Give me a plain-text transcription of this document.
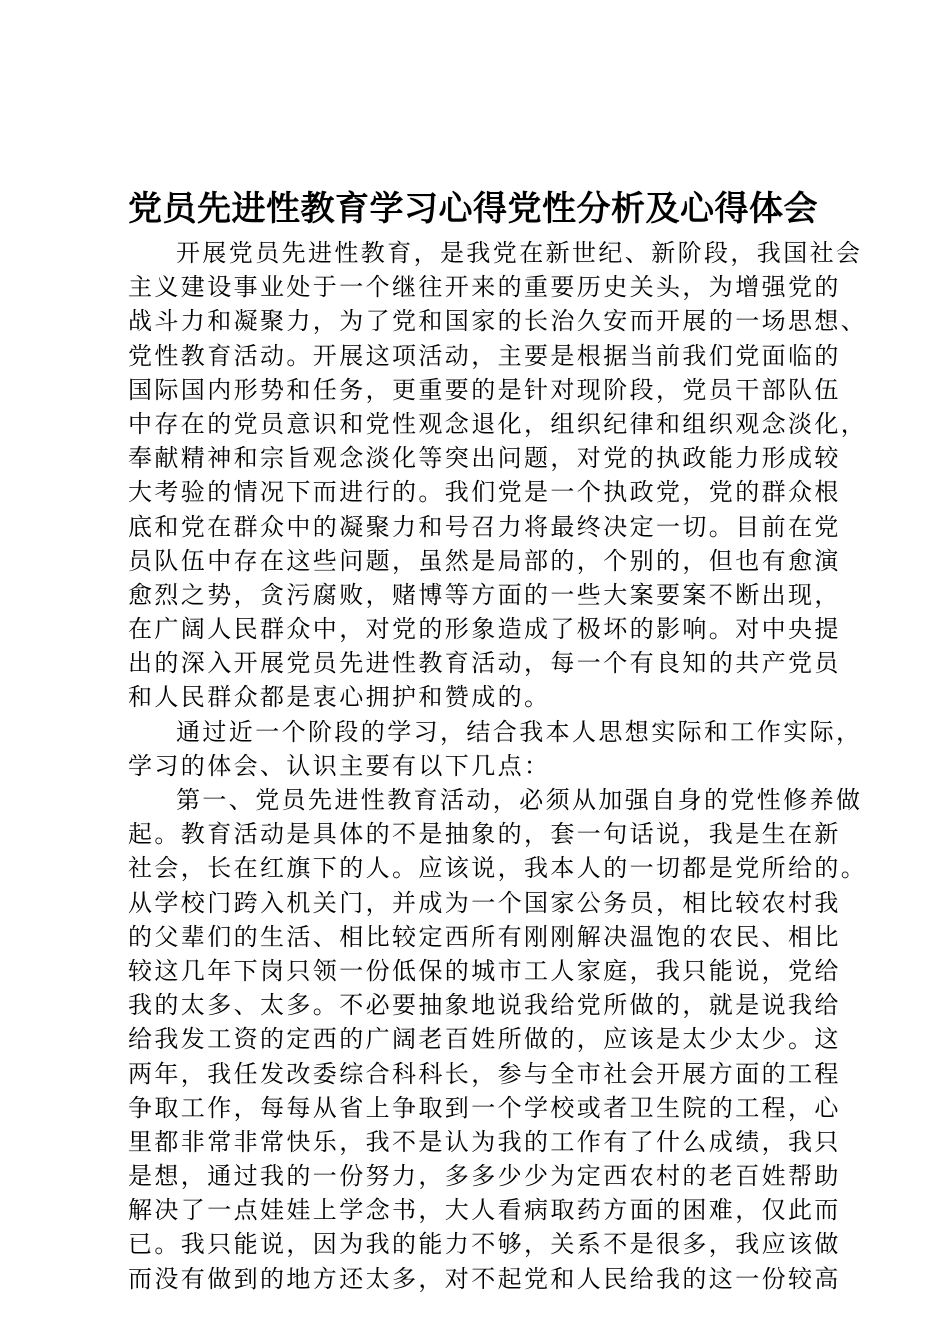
党员先进性教育学习心得党性分析及心得体会
开展党员先进性教育，是我党在新世纪、新阶段，我国社会
主义建设事业处于一个继往开来的重要历史关头，为增强党的
战斗力和凝聚力，为了党和国家的长治久安而开展的一场思想、
党性教育活动。开展这项活动，主要是根据当前我们党面临的
国际国内形势和任务，更重要的是针对现阶段，党员干部队伍
中存在的党员意识和党性观念退化，组织纪律和组织观念淡化，
奉献精神和宗旨观念淡化等突出问题，对党的执政能力形成较
大考验的情况下而进行的。我们党是一个执政党，党的群众根
底和党在群众中的凝聚力和号召力将最终决定一切。目前在党
员队伍中存在这些问题，虽然是局部的，个别的，但也有愈演
愈烈之势，贪污腐败，赌博等方面的一些大案要案不断出现，
在广阔人民群众中，对党的形象造成了极坏的影响。对中央提
出的深入开展党员先进性教育活动，每一个有良知的共产党员
和人民群众都是衷心拥护和赞成的。
通过近一个阶段的学习，结合我本人思想实际和工作实际，
学习的体会、认识主要有以下几点：
第一、党员先进性教育活动，必须从加强自身的党性修养做
起。教育活动是具体的不是抽象的，套一句话说，我是生在新
社会，长在红旗下的人。应该说，我本人的一切都是党所给的。
从学校门跨入机关门，并成为一个国家公务员，相比较农村我
的父辈们的生活、相比较定西所有刚刚解决温饱的农民、相比
较这几年下岗只领一份低保的城市工人家庭，我只能说，党给
我的太多、太多。不必要抽象地说我给党所做的，就是说我给
给我发工资的定西的广阔老百姓所做的，应该是太少太少。这
两年，我任发改委综合科科长，参与全市社会开展方面的工程
争取工作，每每从省上争取到一个学校或者卫生院的工程，心
里都非常非常快乐，我不是认为我的工作有了什么成绩，我只
是想，通过我的一份努力，多多少少为定西农村的老百姓帮助
解决了一点娃娃上学念书，大人看病取药方面的困难，仅此而
已。我只能说，因为我的能力不够，关系不是很多，我应该做
而没有做到的地方还太多，对不起党和人民给我的这一份较高
